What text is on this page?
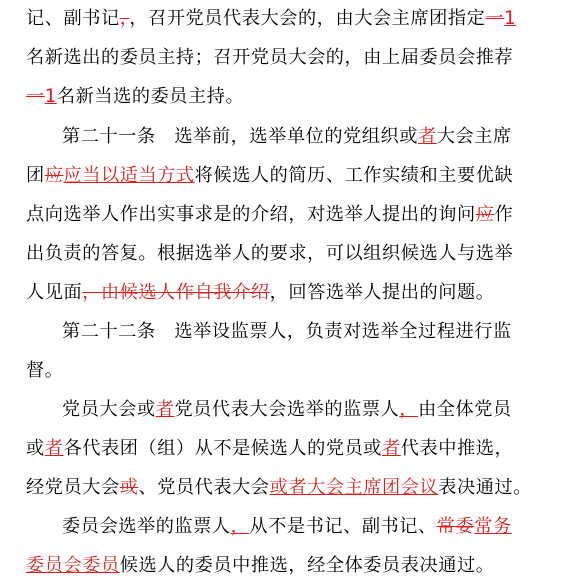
记、副书记，，召开党员代表大会的，由大会主席团指定一1
名新选出的委员主持；召开党员大会的，由上届委员会推荐
一1名新当选的委员主持。
第二十一条　选举前，选举单位的党组织或者大会主席
团应应当以适当方式将候选人的简历、工作实绩和主要优缺
点向选举人作出实事求是的介绍，对选举人提出的询问应作
出负责的答复。根据选举人的要求，可以组织候选人与选举
人见面，由候选人作自我介绍，回答选举人提出的问题。
第二十二条　选举设监票人，负责对选举全过程进行监
督。
党员大会或者党员代表大会选举的监票人，由全体党员
或者各代表团（组）从不是候选人的党员或者代表中推选，
经党员大会或、党员代表大会或者大会主席团会议表决通过。
委员会选举的监票人，从不是书记、副书记、常委常务
委员会委员候选人的委员中推选，经全体委员表决通过。
